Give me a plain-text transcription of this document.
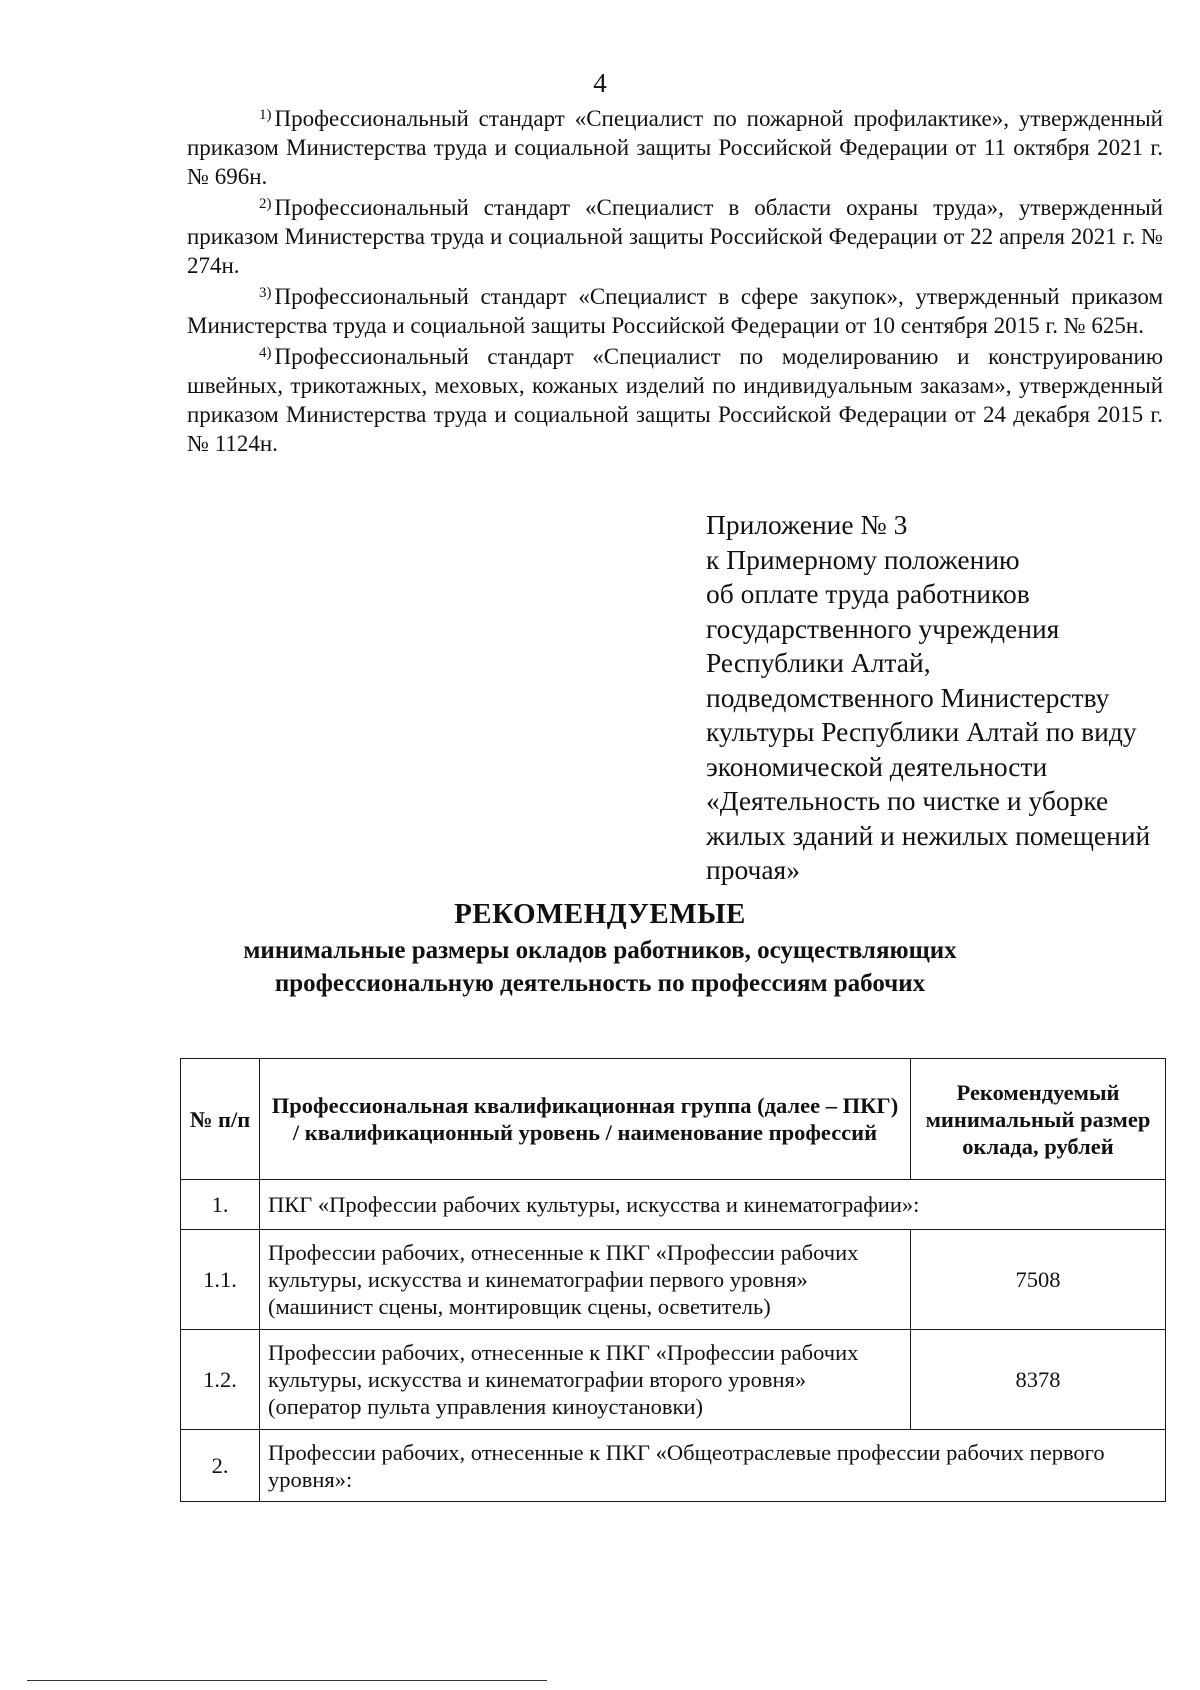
4

$^{1)}$ Профессиональный стандарт «Специалист по пожарной профилактике», утвержденный приказом Министерства труда и социальной защиты Российской Федерации от 11 октября 2021 г. № 696н.

$^{2)}$ Профессиональный стандарт «Специалист в области охраны труда», утвержденный приказом Министерства труда и социальной защиты Российской Федерации от 22 апреля 2021 г. № 274н.

$^{3)}$ Профессиональный стандарт «Специалист в сфере закупок», утвержденный приказом Министерства труда и социальной защиты Российской Федерации от 10 сентября 2015 г. № 625н.

$^{4)}$ Профессиональный стандарт «Специалист по моделированию и конструированию швейных, трикотажных, меховых, кожаных изделий по индивидуальным заказам», утвержденный приказом Министерства труда и социальной защиты Российской Федерации от 24 декабря 2015 г. № 1124н.

Приложение № 3
к Примерному положению
об оплате труда работников
государственного учреждения
Республики Алтай,
подведомственного Министерству
культуры Республики Алтай по виду
экономической деятельности
«Деятельность по чистке и уборке
жилых зданий и нежилых помещений
прочая»
РЕКОМЕНДУЕМЫЕ
минимальные размеры окладов работников, осуществляющих
профессиональную деятельность по профессиям рабочих
№ п/п	Профессиональная квалификационная группа (далее – ПКГ) / квалификационный уровень / наименование профессий	Рекомендуемый минимальный размер оклада, рублей
1.	ПКГ «Профессии рабочих культуры, искусства и кинематографии»:	
1.1.	Профессии рабочих, отнесенные к ПКГ «Профессии рабочих культуры, искусства и кинематографии первого уровня» (машинист сцены, монтировщик сцены, осветитель)	7508
1.2.	Профессии рабочих, отнесенные к ПКГ «Профессии рабочих культуры, искусства и кинематографии второго уровня» (оператор пульта управления киноустановки)	8378
2.	Профессии рабочих, отнесенные к ПКГ «Общеотраслевые профессии рабочих первого уровня»:	
